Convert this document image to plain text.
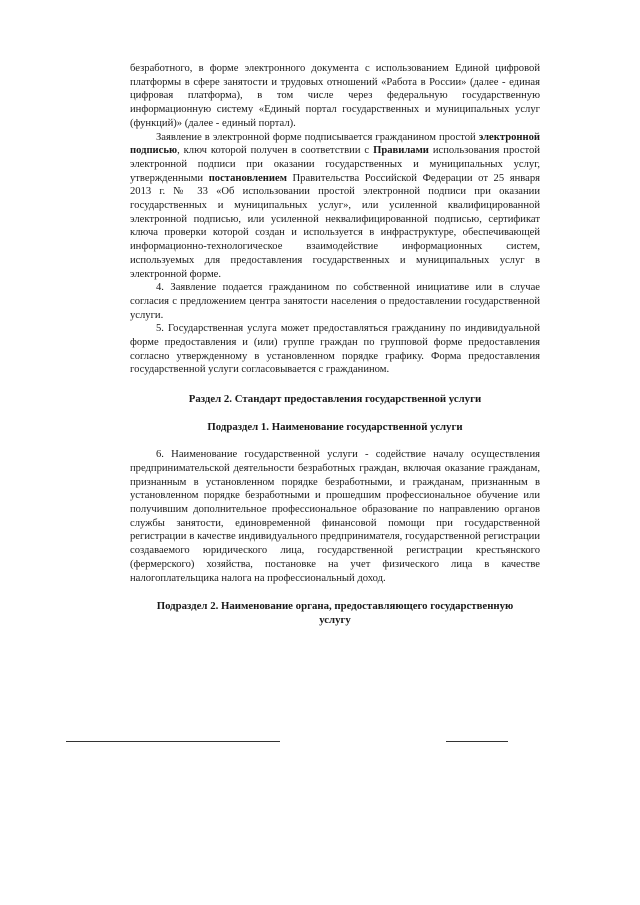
безработного, в форме электронного документа с использованием Единой цифровой платформы в сфере занятости и трудовых отношений «Работа в России» (далее - единая цифровая платформа), в том числе через федеральную государственную информационную систему «Единый портал государственных и муниципальных услуг (функций)» (далее - единый портал).

Заявление в электронной форме подписывается гражданином простой электронной подписью, ключ которой получен в соответствии с Правилами использования простой электронной подписи при оказании государственных и муниципальных услуг, утвержденными постановлением Правительства Российской Федерации от 25 января 2013 г. № 33 «Об использовании простой электронной подписи при оказании государственных и муниципальных услуг», или усиленной квалифицированной электронной подписью, или усиленной неквалифицированной подписью, сертификат ключа проверки которой создан и используется в инфраструктуре, обеспечивающей информационно-технологическое взаимодействие информационных систем, используемых для предоставления государственных и муниципальных услуг в электронной форме.

4. Заявление подается гражданином по собственной инициативе или в случае согласия с предложением центра занятости населения о предоставлении государственной услуги.

5. Государственная услуга может предоставляться гражданину по индивидуальной форме предоставления и (или) группе граждан по групповой форме предоставления согласно утвержденному в установленном порядке графику. Форма предоставления государственной услуги согласовывается с гражданином.

Раздел 2. Стандарт предоставления государственной услуги

Подраздел 1. Наименование государственной услуги

6. Наименование государственной услуги - содействие началу осуществления предпринимательской деятельности безработных граждан, включая оказание гражданам, признанным в установленном порядке безработными, и гражданам, признанным в установленном порядке безработными и прошедшим профессиональное обучение или получившим дополнительное профессиональное образование по направлению органов службы занятости, единовременной финансовой помощи при государственной регистрации в качестве индивидуального предпринимателя, государственной регистрации создаваемого юридического лица, государственной регистрации крестьянского (фермерского) хозяйства, постановке на учет физического лица в качестве налогоплательщика налога на профессиональный доход.

Подраздел 2. Наименование органа, предоставляющего государственную услугу
